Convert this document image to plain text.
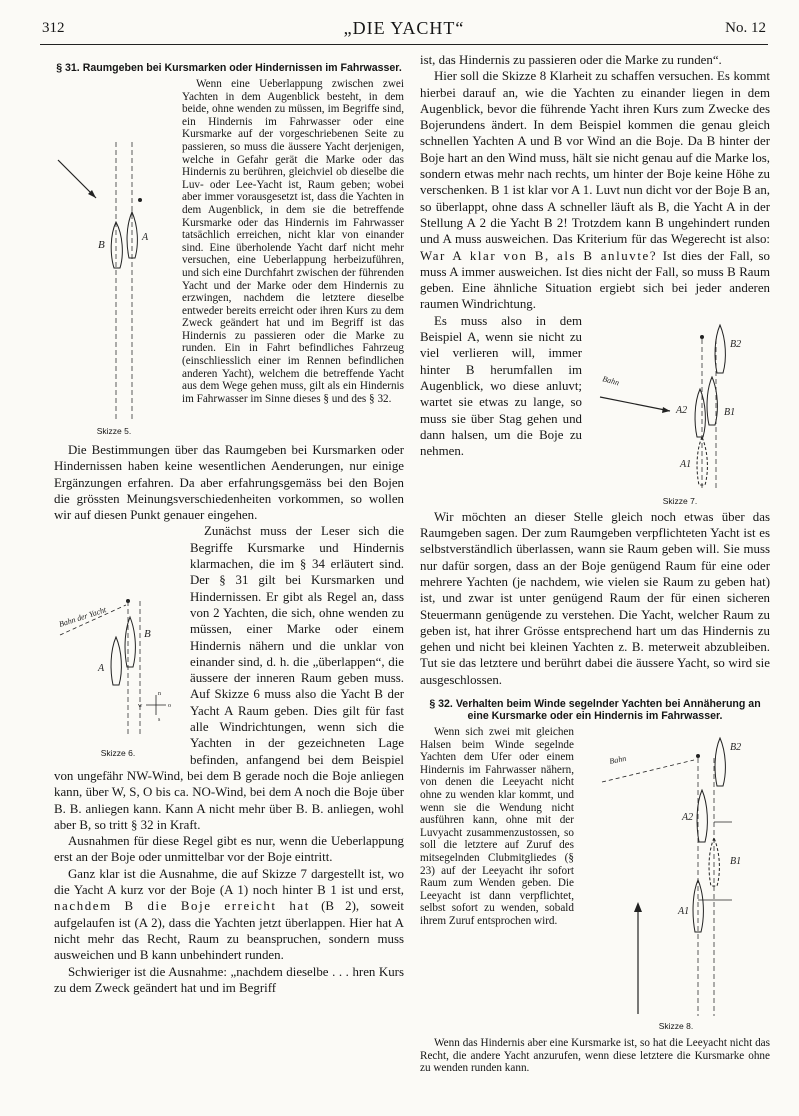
312	„DIE YACHT“	No. 12
§ 31. Raumgeben bei Kursmarken oder Hindernissen im Fahrwasser.
B
A
Skizze 5.

Wenn eine Ueberlappung zwischen zwei Yachten in dem Augenblick besteht, in dem beide, ohne wenden zu müssen, im Begriffe sind, ein Hindernis im Fahrwasser oder eine Kursmarke auf der vorgeschriebenen Seite zu passieren, so muss die äussere Yacht derjenigen, welche in Gefahr gerät die Marke oder das Hindernis zu berühren, gleichviel ob dieselbe die Luv- oder Lee-Yacht ist, Raum geben; wobei aber immer vorausgesetzt ist, dass die Yachten in dem Augenblick, in dem sie die betreffende Kursmarke oder das Hindernis im Fahrwasser tatsächlich erreichen, nicht klar von einander sind. Eine überholende Yacht darf nicht mehr versuchen, eine Ueberlappung herbeizuführen, und sich eine Durchfahrt zwischen der führenden Yacht und der Marke oder dem Hindernis zu erzwingen, nachdem die letztere dieselbe entweder bereits erreicht oder ihren Kurs zu dem Zweck geändert hat und im Begriff ist das Hindernis zu passieren oder die Marke zu runden. Ein in Fahrt befindliches Fahrzeug (einschliesslich einer im Rennen befindlichen anderen Yacht), welchem die betreffende Yacht aus dem Wege gehen muss, gilt als ein Hindernis im Fahrwasser im Sinne dieses § und des § 32.

Die Bestimmungen über das Raumgeben bei Kursmarken oder Hindernissen haben keine wesentlichen Aenderungen, nur einige Ergänzungen erfahren. Da aber erfahrungsgemäss bei den Bojen die grössten Meinungsverschiedenheiten vorkommen, so wollen wir auf diesen Punkt genauer eingehen.

Bahn der Yacht
B
A
n
s
o
w
Skizze 6.

Zunächst muss der Leser sich die Begriffe Kursmarke und Hindernis klarmachen, die im § 34 erläutert sind. Der § 31 gilt bei Kursmarken und Hindernissen. Er gibt als Regel an, dass von 2 Yachten, die sich, ohne wenden zu müssen, einer Marke oder einem Hindernis nähern und die unklar von einander sind, d. h. die „überlappen“, die äussere der inneren Raum geben muss. Auf Skizze 6 muss also die Yacht B der Yacht A Raum geben. Dies gilt für fast alle Windrichtungen, wenn sich die Yachten in der gezeichneten Lage befinden, anfangend bei dem Beispiel von ungefähr NW-Wind, bei dem B gerade noch die Boje anliegen kann, über W, S, O bis ca. NO-Wind, bei dem A noch die Boje über B. B. anliegen kann. Kann A nicht mehr über B. B. anliegen, wohl aber B, so tritt § 32 in Kraft.

Ausnahmen für diese Regel gibt es nur, wenn die Ueberlappung erst an der Boje oder unmittelbar vor der Boje eintritt.

Ganz klar ist die Ausnahme, die auf Skizze 7 dargestellt ist, wo die Yacht A kurz vor der Boje (A 1) noch hinter B 1 ist und erst, nachdem B die Boje erreicht hat (B 2), soweit aufgelaufen ist (A 2), dass die Yachten jetzt überlappen. Hier hat A nicht mehr das Recht, Raum zu beanspruchen, sondern muss ausweichen und B kann unbehindert runden.

Schwieriger ist die Ausnahme: „nachdem dieselbe . . . hren Kurs zu dem Zweck geändert hat und im Begriff

ist, das Hindernis zu passieren oder die Marke zu runden“.

Hier soll die Skizze 8 Klarheit zu schaffen versuchen. Es kommt hierbei darauf an, wie die Yachten zu einander liegen in dem Augenblick, bevor die führende Yacht ihren Kurs zum Zwecke des Bojerundens ändert. In dem Beispiel kommen die genau gleich schnellen Yachten A und B vor Wind an die Boje. Da B hinter der Boje hart an den Wind muss, hält sie nicht genau auf die Marke los, sondern etwas mehr nach rechts, um hinter der Boje keine Höhe zu verschenken. B 1 ist klar vor A 1. Luvt nun dicht vor der Boje B an, so überlappt, ohne dass A schneller läuft als B, die Yacht A in der Stellung A 2 die Yacht B 2! Trotzdem kann B ungehindert runden und A muss ausweichen. Das Kriterium für das Wegerecht ist also: War A klar von B, als B anluvte? Ist dies der Fall, so muss A immer ausweichen. Ist dies nicht der Fall, so muss B Raum geben. Eine ähnliche Situation ergiebt sich bei jeder anderen raumen Windrichtung.

Bahn
B2
B1
A2
A1
Skizze 7.

Es muss also in dem Beispiel A, wenn sie nicht zu viel verlieren will, immer hinter B herumfallen im Augenblick, wo diese anluvt; wartet sie etwas zu lange, so muss sie über Stag gehen und dann halsen, um die Boje zu nehmen.

Wir möchten an dieser Stelle gleich noch etwas über das Raumgeben sagen. Der zum Raumgeben verpflichteten Yacht ist es selbstverständlich überlassen, wann sie Raum geben will. Sie muss nur dafür sorgen, dass an der Boje genügend Raum für eine oder mehrere Yachten (je nachdem, wie vielen sie Raum zu geben hat) ist, und zwar ist unter genügend Raum der für einen sicheren Steuermann genügende zu verstehen. Die Yacht, welcher Raum zu geben ist, hat ihrer Grösse entsprechend hart um das Hindernis zu gehen und nicht bei kleinen Yachten z. B. meterweit abzubleiben. Tut sie das letztere und berührt dabei die äussere Yacht, so wird sie ausgeschlossen.

§ 32. Verhalten beim Winde segelnder Yachten bei Annäherung an eine Kursmarke oder ein Hindernis im Fahrwasser.
Bahn
B2
B1
A2
A1
Skizze 8.

Wenn sich zwei mit gleichen Halsen beim Winde segelnde Yachten dem Ufer oder einem Hindernis im Fahrwasser nähern, von denen die Leeyacht nicht ohne zu wenden klar kommt, und wenn sie die Wendung nicht ausführen kann, ohne mit der Luvyacht zusammenzustossen, so soll die letztere auf Zuruf des mitsegelnden Clubmitgliedes (§ 23) auf der Leeyacht ihr sofort Raum zum Wenden geben. Die Leeyacht ist dann verpflichtet, selbst sofort zu wenden, sobald ihrem Zuruf entsprochen wird.

Wenn das Hindernis aber eine Kursmarke ist, so hat die Leeyacht nicht das Recht, die andere Yacht anzurufen, wenn diese letztere die Kursmarke ohne zu wenden runden kann.
